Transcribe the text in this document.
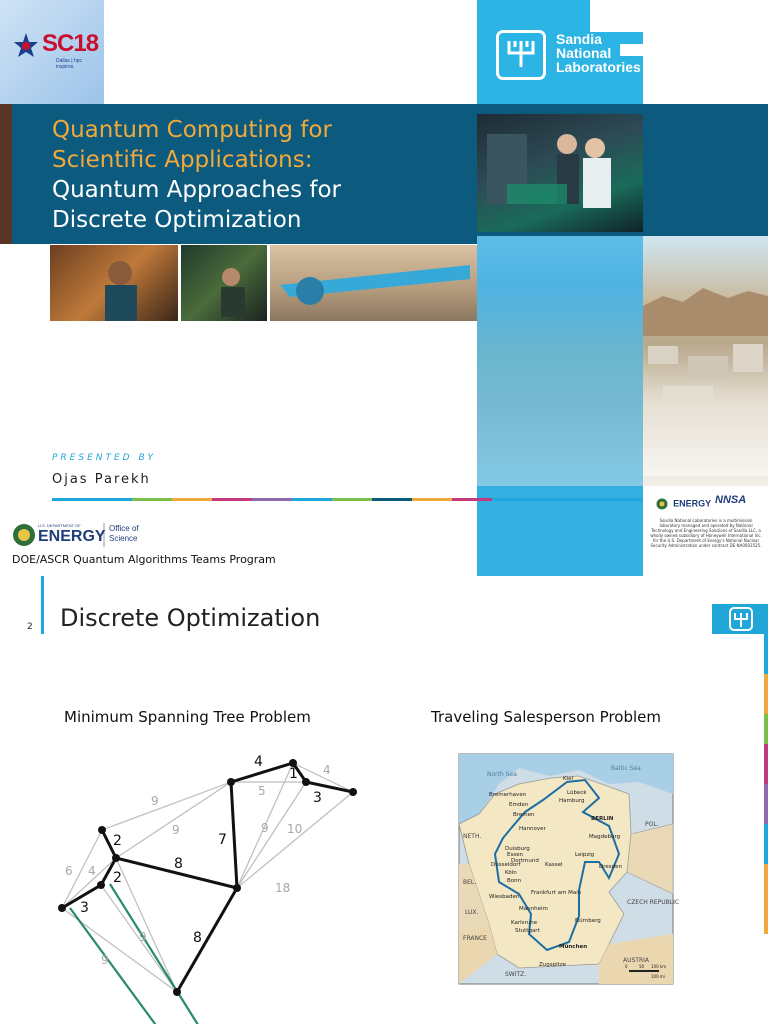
SC18
Dallas | hpc
inspires.
Sandia
National
Laboratories
Quantum Computing for
Scientific Applications:
Quantum Approaches for
Discrete Optimization
PRESENTED BY
Ojas Parekh
U.S. DEPARTMENT OF
ENERGY Office of
Science
DOE/ASCR Quantum Algorithms Teams Program
ENERGY NNSA
Sandia National Laboratories is a multimission laboratory managed and operated by National Technology and Engineering Solutions of Sandia LLC, a wholly owned subsidiary of Honeywell International Inc. for the U.S. Department of Energy's National Nuclear Security Administration under contract DE-NA0003525.
2 Discrete Optimization
Minimum Spanning Tree Problem	Traveling Salesperson Problem
4
1
3
2
2
3
8
7
8
4
5
9
9	9 10
6 4
18
9
9
North Sea
Baltic Sea
NETH.
BEL.
LUX.
FRANCE
POL.
CZECH REPUBLIC
AUSTRIA
SWITZ.
Kiel
Lübeck
Hamburg
Bremerhaven
Bremen
Emden
Hannover
BERLIN
Magdeburg
Leipzig
Dresden
Kassel
Duisburg
Essen
Dortmund
Düsseldorf
Köln
Bonn
Frankfurt am Main
Wiesbaden
Mannheim
Karlsruhe
Stuttgart
Nürnberg
München
Zugspitze	0	50 100 km
100 mi
